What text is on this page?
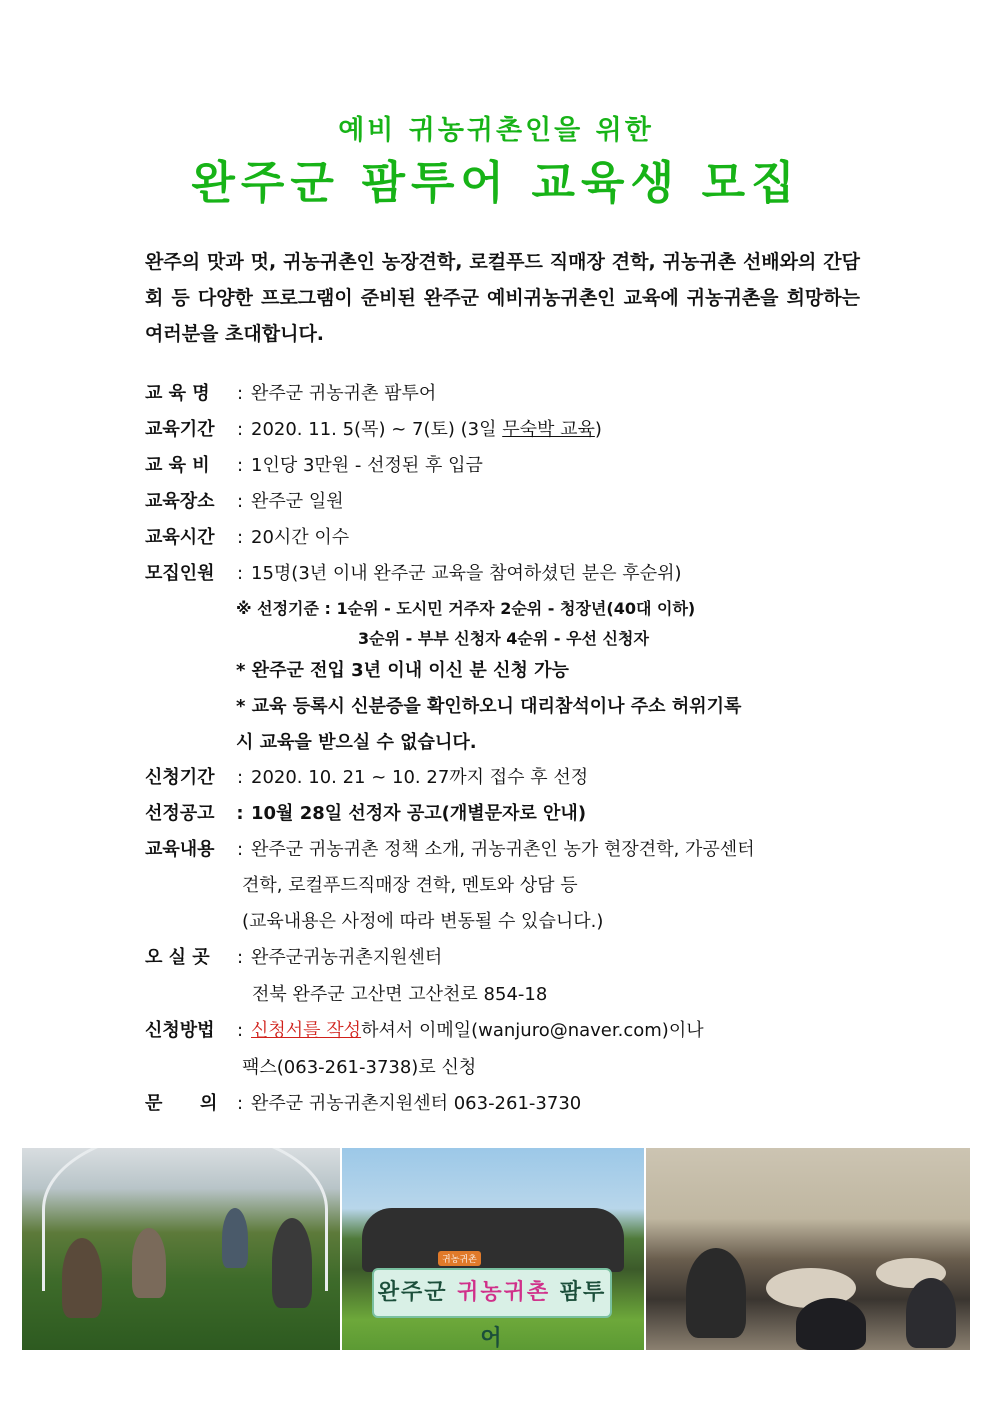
예비 귀농귀촌인을 위한
완주군 팜투어 교육생 모집
완주의 맛과 멋, 귀농귀촌인 농장견학, 로컬푸드 직매장 견학, 귀농귀촌 선배와의 간담회 등 다양한 프로그램이 준비된 완주군 예비귀농귀촌인 교육에 귀농귀촌을 희망하는 여러분을 초대합니다.
교 육 명 : 완주군 귀농귀촌 팜투어
교육기간 : 2020. 11. 5(목) ~ 7(토) (3일 무숙박 교육)
교 육 비 : 1인당 3만원 - 선정된 후 입금
교육장소 : 완주군 일원
교육시간 : 20시간 이수
모집인원 : 15명(3년 이내 완주군 교육을 참여하셨던 분은 후순위)
※ 선정기준 : 1순위 - 도시민 거주자 2순위 - 청장년(40대 이하)
3순위 - 부부 신청자 4순위 - 우선 신청자
* 완주군 전입 3년 이내 이신 분 신청 가능
* 교육 등록시 신분증을 확인하오니 대리참석이나 주소 허위기록
시 교육을 받으실 수 없습니다.
신청기간 : 2020. 10. 21 ~ 10. 27까지 접수 후 선정
선정공고 : 10월 28일 선정자 공고(개별문자로 안내)
교육내용 : 완주군 귀농귀촌 정책 소개, 귀농귀촌인 농가 현장견학, 가공센터
견학, 로컬푸드직매장 견학, 멘토와 상담 등
(교육내용은 사정에 따라 변동될 수 있습니다.)
오 실 곳 : 완주군귀농귀촌지원센터
전북 완주군 고산면 고산천로 854-18
신청방법 : 신청서를 작성하셔서 이메일(wanjuro@naver.com)이나
팩스(063-261-3738)로 신청
문      의 : 완주군 귀농귀촌지원센터 063-261-3730
귀농귀촌
완주군 귀농귀촌 팜투어
